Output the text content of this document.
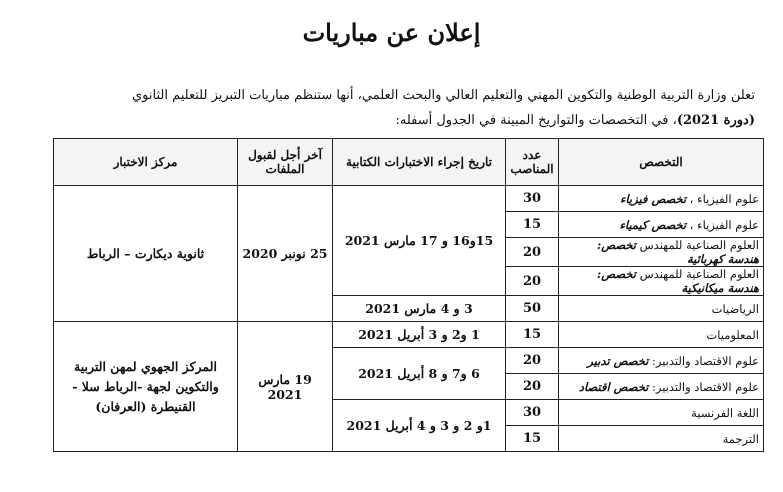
إعلان عن مباريات
تعلن وزارة التربية الوطنية والتكوين المهني والتعليم العالي والبحث العلمي، أنها ستنظم مباريات التبريز للتعليم الثانوي
(دورة 2021)، في التخصصات والتواريخ المبينة في الجدول أسفله:
التخصص	عدد المناصب	تاريخ إجراء الاختبارات الكتابية	آخر أجل لقبول الملفات	مركز الاختبار
علوم الفيزياء ، تخصص فيزياء	30	15و16 و 17 مارس 2021	25 نونبر 2020	ثانوية ديكارت – الرباط
علوم الفيزياء ، تخصص كيمياء	15			
العلوم الصناعية للمهندس تخصص: هندسة كهربائية	20			
العلوم الصناعية للمهندس تخصص: هندسة ميكانيكية	20			
الرياضيات	50	3 و 4 مارس 2021		
المعلوميات	15	1 و2 و 3 أبريل 2021	19 مارس 2021	المركز الجهوي لمهن التربية والتكوين لجهة -الرباط سلا - القنيطرة (العرفان)
علوم الاقتصاد والتدبير: تخصص تدبير	20	6 و7 و 8 أبريل 2021		
علوم الاقتصاد والتدبير: تخصص اقتصاد	20			
اللغة الفرنسية	30	1و 2 و 3 و 4 أبريل 2021		
الترجمة	15			
